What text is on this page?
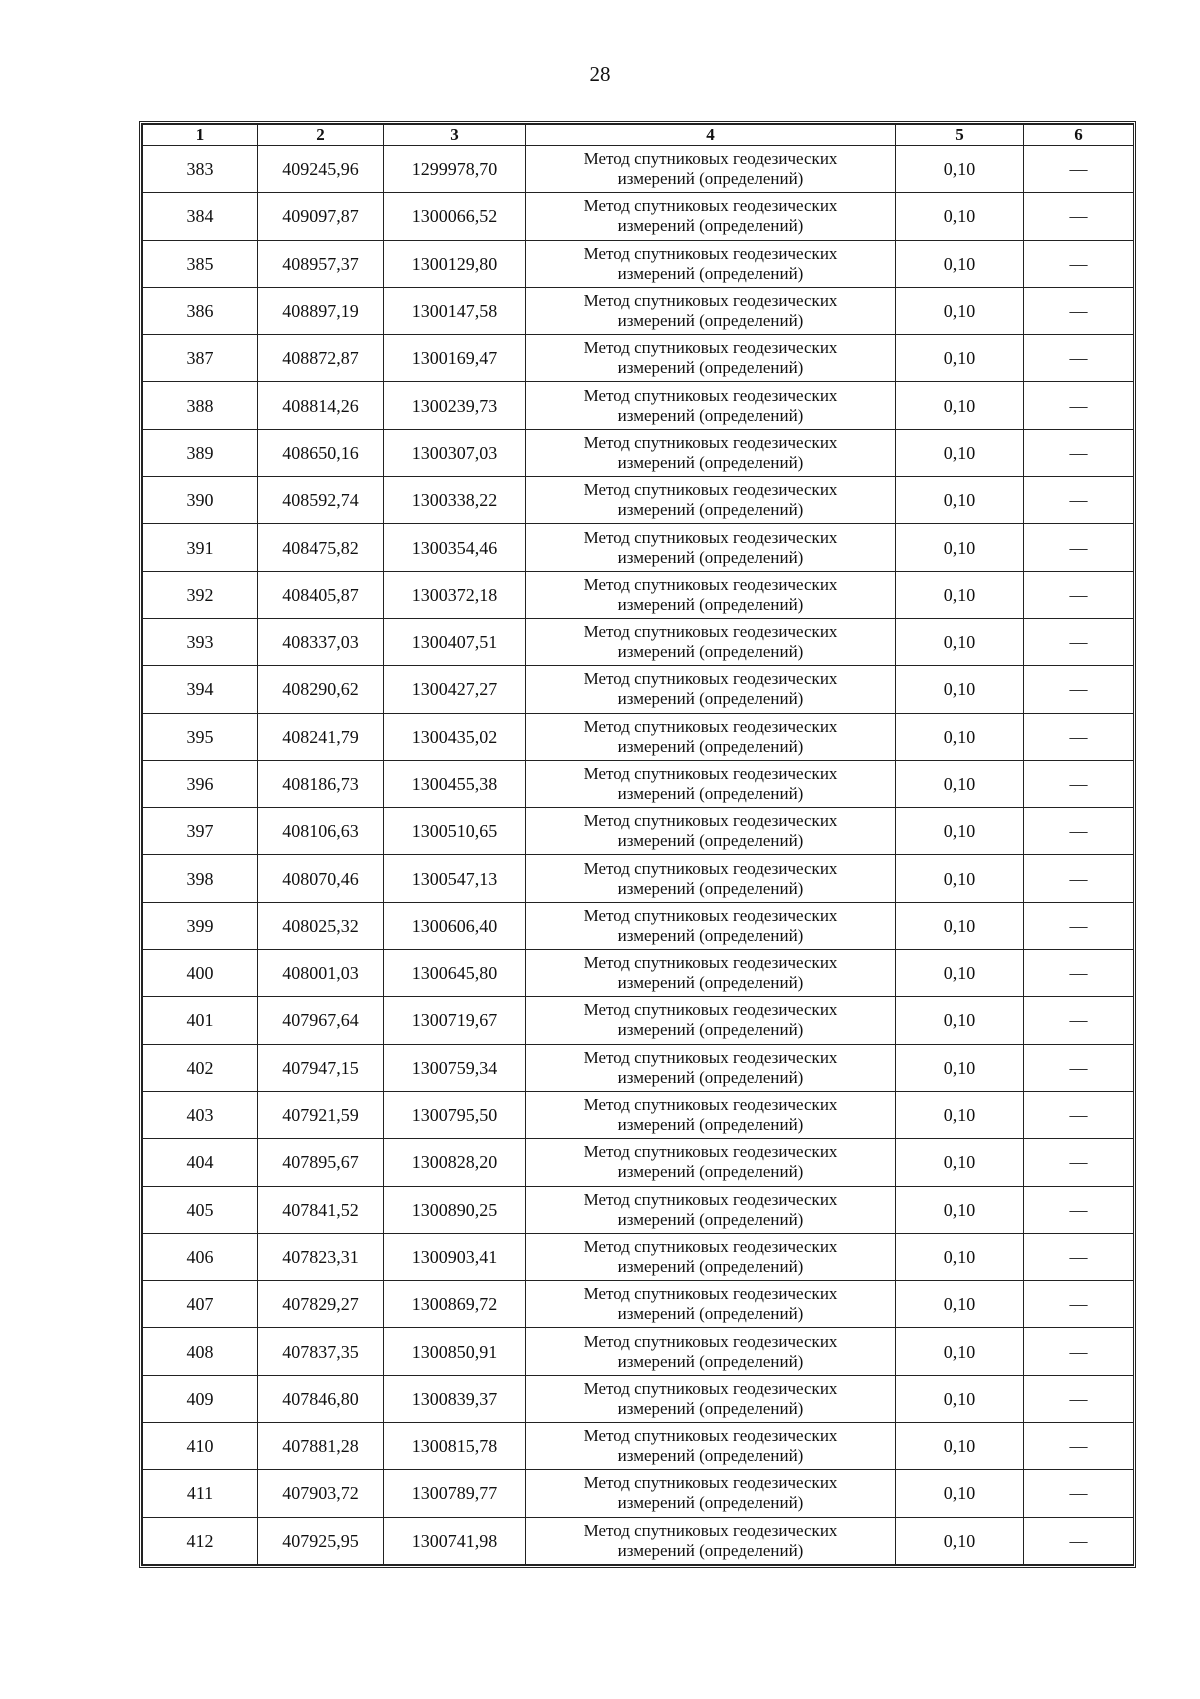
28
1	2	3	4	5	6
383	409245,96	1299978,70	Метод спутниковых геодезических
измерений (определений)	0,10	—
384	409097,87	1300066,52	Метод спутниковых геодезических
измерений (определений)	0,10	—
385	408957,37	1300129,80	Метод спутниковых геодезических
измерений (определений)	0,10	—
386	408897,19	1300147,58	Метод спутниковых геодезических
измерений (определений)	0,10	—
387	408872,87	1300169,47	Метод спутниковых геодезических
измерений (определений)	0,10	—
388	408814,26	1300239,73	Метод спутниковых геодезических
измерений (определений)	0,10	—
389	408650,16	1300307,03	Метод спутниковых геодезических
измерений (определений)	0,10	—
390	408592,74	1300338,22	Метод спутниковых геодезических
измерений (определений)	0,10	—
391	408475,82	1300354,46	Метод спутниковых геодезических
измерений (определений)	0,10	—
392	408405,87	1300372,18	Метод спутниковых геодезических
измерений (определений)	0,10	—
393	408337,03	1300407,51	Метод спутниковых геодезических
измерений (определений)	0,10	—
394	408290,62	1300427,27	Метод спутниковых геодезических
измерений (определений)	0,10	—
395	408241,79	1300435,02	Метод спутниковых геодезических
измерений (определений)	0,10	—
396	408186,73	1300455,38	Метод спутниковых геодезических
измерений (определений)	0,10	—
397	408106,63	1300510,65	Метод спутниковых геодезических
измерений (определений)	0,10	—
398	408070,46	1300547,13	Метод спутниковых геодезических
измерений (определений)	0,10	—
399	408025,32	1300606,40	Метод спутниковых геодезических
измерений (определений)	0,10	—
400	408001,03	1300645,80	Метод спутниковых геодезических
измерений (определений)	0,10	—
401	407967,64	1300719,67	Метод спутниковых геодезических
измерений (определений)	0,10	—
402	407947,15	1300759,34	Метод спутниковых геодезических
измерений (определений)	0,10	—
403	407921,59	1300795,50	Метод спутниковых геодезических
измерений (определений)	0,10	—
404	407895,67	1300828,20	Метод спутниковых геодезических
измерений (определений)	0,10	—
405	407841,52	1300890,25	Метод спутниковых геодезических
измерений (определений)	0,10	—
406	407823,31	1300903,41	Метод спутниковых геодезических
измерений (определений)	0,10	—
407	407829,27	1300869,72	Метод спутниковых геодезических
измерений (определений)	0,10	—
408	407837,35	1300850,91	Метод спутниковых геодезических
измерений (определений)	0,10	—
409	407846,80	1300839,37	Метод спутниковых геодезических
измерений (определений)	0,10	—
410	407881,28	1300815,78	Метод спутниковых геодезических
измерений (определений)	0,10	—
411	407903,72	1300789,77	Метод спутниковых геодезических
измерений (определений)	0,10	—
412	407925,95	1300741,98	Метод спутниковых геодезических
измерений (определений)	0,10	—
